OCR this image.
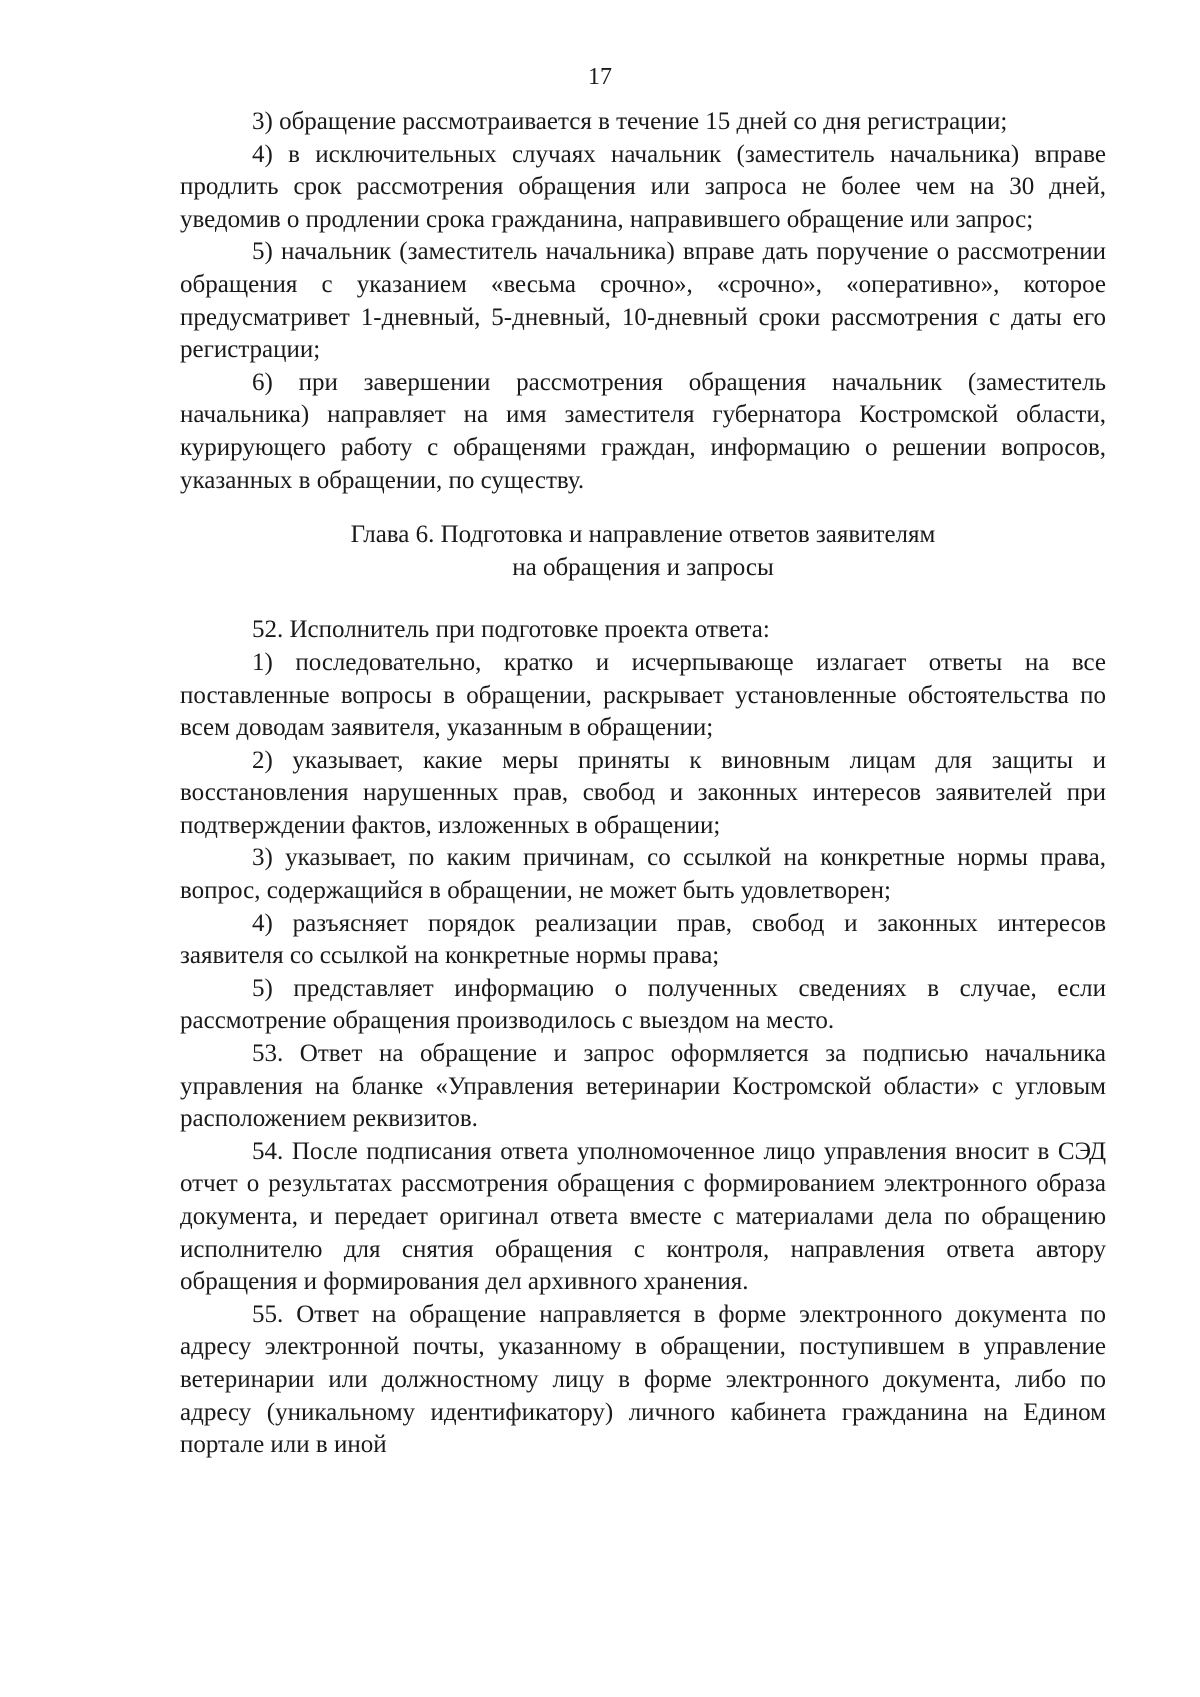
17

3) обращение рассмотраивается в течение 15 дней со дня регистрации;

4) в исключительных случаях начальник (заместитель начальника) вправе продлить срок рассмотрения обращения или запроса не более чем на 30 дней, уведомив о продлении срока гражданина, направившего обращение или запрос;

5) начальник (заместитель начальника) вправе дать поручение о рассмотрении обращения с указанием «весьма срочно», «срочно», «оперативно», которое предусматривет 1-дневный, 5-дневный, 10-дневный сроки рассмотрения с даты его регистрации;

6) при завершении рассмотрения обращения начальник (заместитель начальника) направляет на имя заместителя губернатора Костромской области, курирующего работу с обращенями граждан, информацию о решении вопросов, указанных в обращении, по существу.

Глава 6. Подготовка и направление ответов заявителям
на обращения и запросы

52. Исполнитель при подготовке проекта ответа:

1) последовательно, кратко и исчерпывающе излагает ответы на все поставленные вопросы в обращении, раскрывает установленные обстоятельства по всем доводам заявителя, указанным в обращении;

2) указывает, какие меры приняты к виновным лицам для защиты и восстановления нарушенных прав, свобод и законных интересов заявителей при подтверждении фактов, изложенных в обращении;

3) указывает, по каким причинам, со ссылкой на конкретные нормы права, вопрос, содержащийся в обращении, не может быть удовлетворен;

4) разъясняет порядок реализации прав, свобод и законных интересов заявителя со ссылкой на конкретные нормы права;

5) представляет информацию о полученных сведениях в случае, если рассмотрение обращения производилось с выездом на место.

53. Ответ на обращение и запрос оформляется за подписью начальника управления на бланке «Управления ветеринарии Костромской области» с угловым расположением реквизитов.

54. После подписания ответа уполномоченное лицо управления вносит в СЭД отчет о результатах рассмотрения обращения с формированием электронного образа документа, и передает оригинал ответа вместе с материалами дела по обращению исполнителю для снятия обращения с контроля, направления ответа автору обращения и формирования дел архивного хранения.

55. Ответ на обращение направляется в форме электронного документа по адресу электронной почты, указанному в обращении, поступившем в управление ветеринарии или должностному лицу в форме электронного документа, либо по адресу (уникальному идентификатору) личного кабинета гражданина на Едином портале или в иной
